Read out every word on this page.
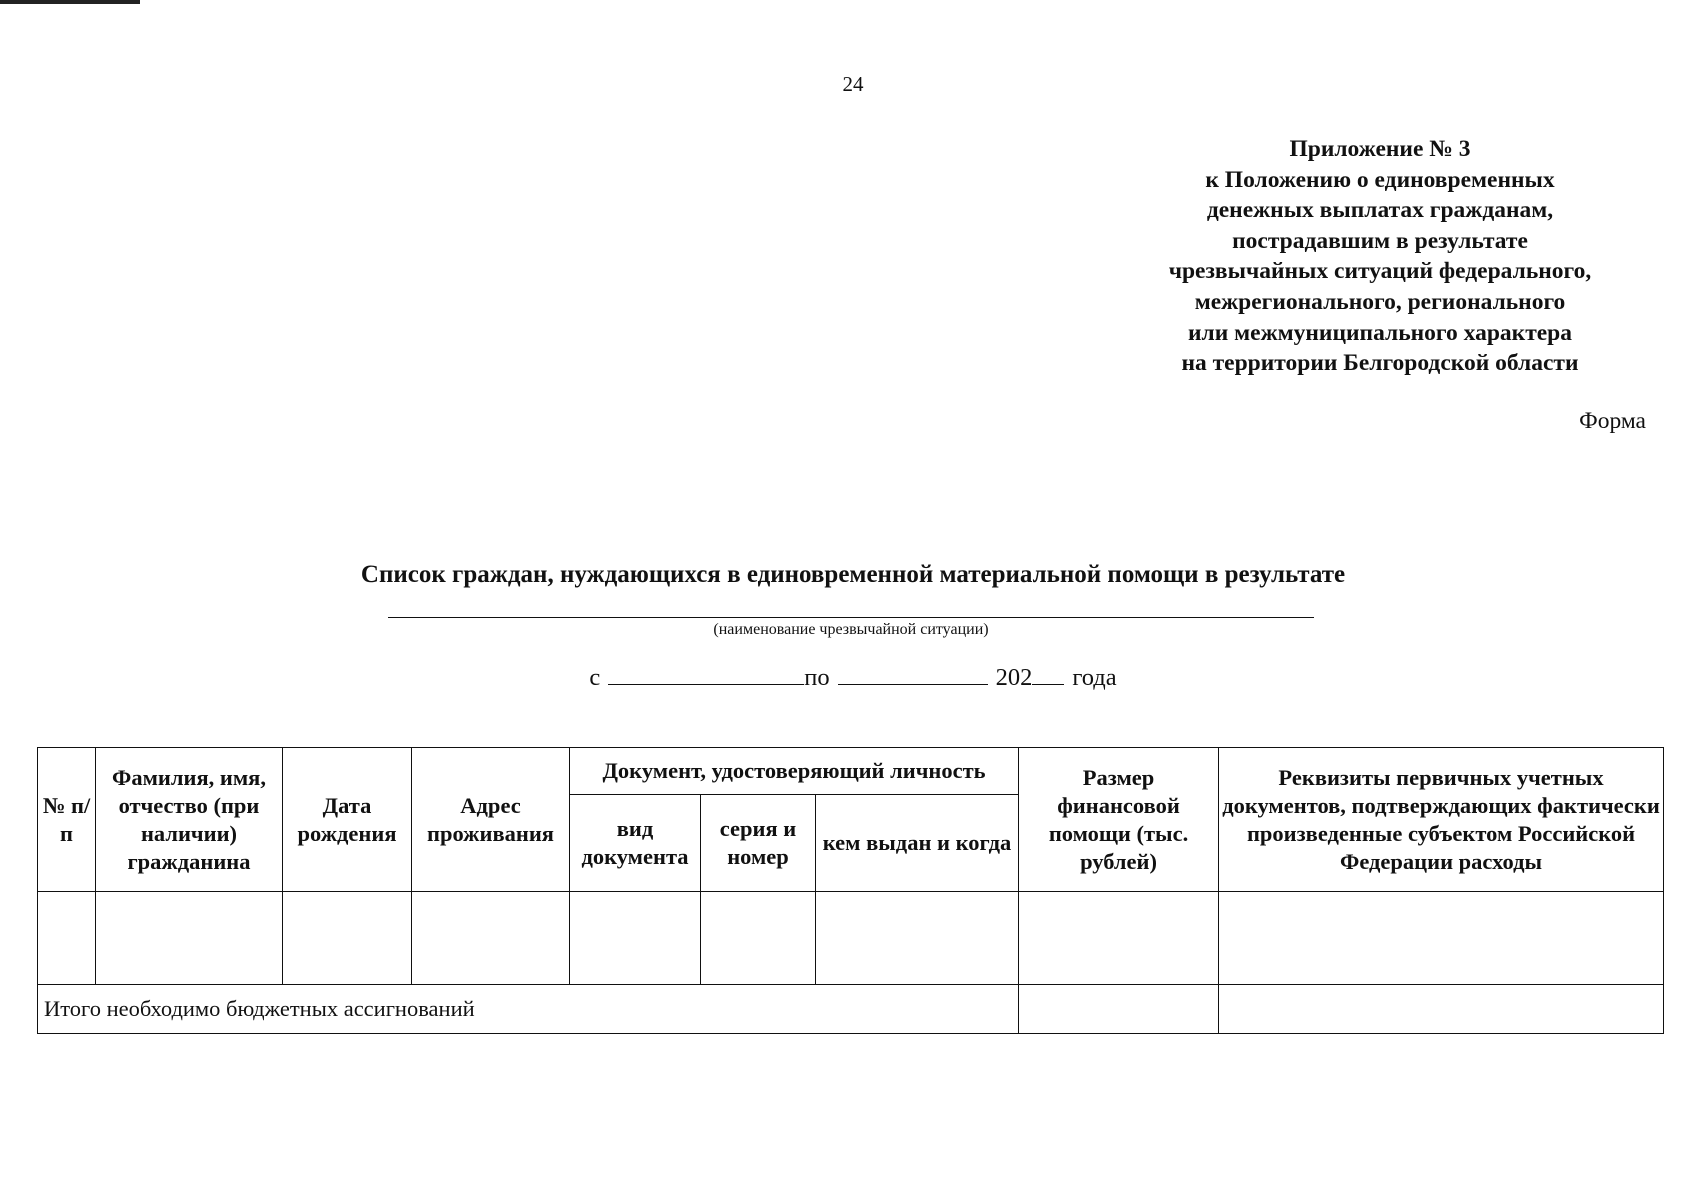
24
Приложение № 3
к Положению о единовременных
денежных выплатах гражданам,
пострадавшим в результате
чрезвычайных ситуаций федерального,
межрегионального, регионального
или межмуниципального характера
на территории Белгородской области
Форма
Список граждан, нуждающихся в единовременной материальной помощи в результате
(наименование чрезвычайной ситуации)
с	по	202 года
№ п/п	Фамилия, имя, отчество (при наличии) гражданина	Дата рождения	Адрес проживания	Документ, удостоверяющий личность			Размер финансовой помощи (тыс. рублей)	Реквизиты первичных учетных документов, подтверждающих фактически произведенные субъектом Российской Федерации расходы
				вид документа	серия и номер	кем выдан и когда		

Итого необходимо бюджетных ассигнований								
